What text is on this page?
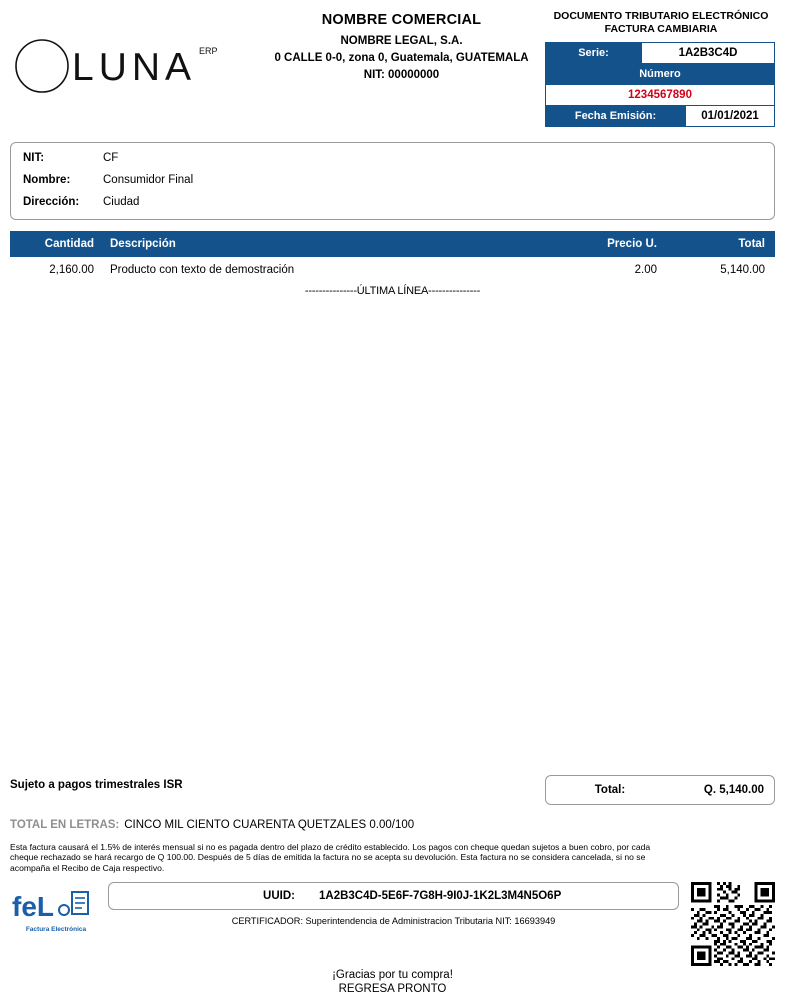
LUNA ERP
NOMBRE COMERCIAL
NOMBRE LEGAL, S.A.
0 CALLE 0-0, zona 0, Guatemala, GUATEMALA
NIT: 00000000
DOCUMENTO TRIBUTARIO ELECTRÓNICO
FACTURA CAMBIARIA
Serie:	1A2B3C4D
Número
1234567890
Fecha Emisión:	01/01/2021
NIT:	CF
Nombre:	Consumidor Final
Dirección:	Ciudad
Cantidad	Descripción	Precio U.	Total
2,160.00	Producto con texto de demostración	2.00	5,140.00
---------------ÚLTIMA LÍNEA---------------
Sujeto a pagos trimestrales ISR	Total:	Q. 5,140.00
TOTAL EN LETRAS: CINCO MIL CIENTO CUARENTA QUETZALES 0.00/100
Esta factura causará el 1.5% de interés mensual si no es pagada dentro del plazo de crédito establecido. Los pagos con cheque quedan sujetos a buen cobro, por cada cheque rechazado se hará recargo de Q 100.00. Después de 5 días de emitida la factura no se acepta su devolución. Esta factura no se considera cancelada, si no se acompaña el Recibo de Caja respectivo.
feL
Factura Electrónica
UUID:	1A2B3C4D-5E6F-7G8H-9I0J-1K2L3M4N5O6P
CERTIFICADOR: Superintendencia de Administracion Tributaria NIT: 16693949
¡Gracias por tu compra!
REGRESA PRONTO
